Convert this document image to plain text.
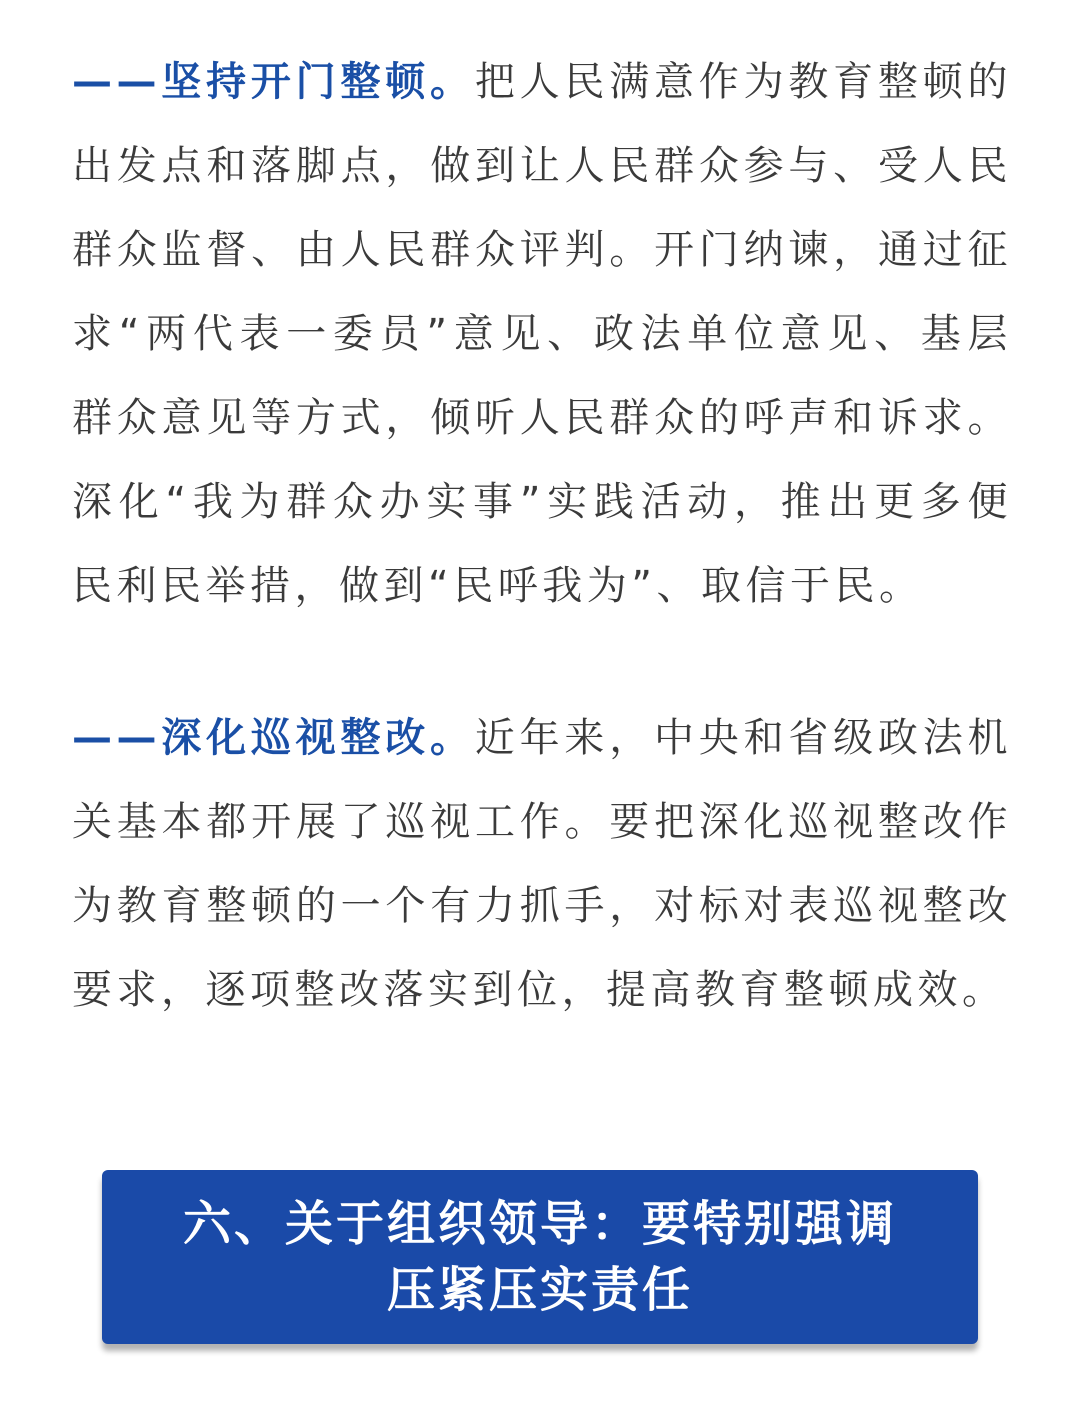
——坚持开门整顿。把人民满意作为教育整顿的出发点和落脚点，做到让人民群众参与、受人民群众监督、由人民群众评判。开门纳谏，通过征求“两代表一委员”意见、政法单位意见、基层群众意见等方式，倾听人民群众的呼声和诉求。深化“我为群众办实事”实践活动，推出更多便民利民举措，做到“民呼我为”、取信于民。

——深化巡视整改。近年来，中央和省级政法机关基本都开展了巡视工作。要把深化巡视整改作为教育整顿的一个有力抓手，对标对表巡视整改要求，逐项整改落实到位，提高教育整顿成效。

六、关于组织领导：要特别强调
压紧压实责任
